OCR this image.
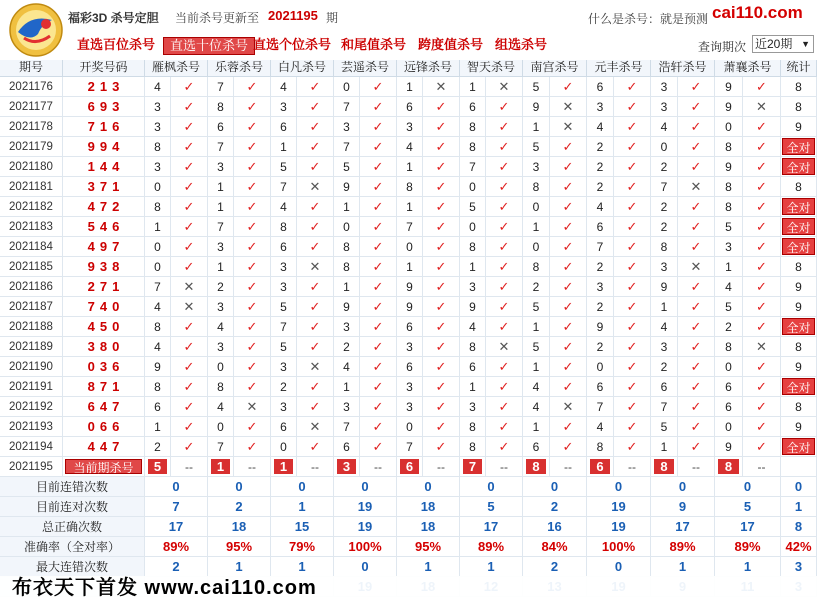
期号	开奖号码	雁枫杀号	乐蓉杀号	白凡杀号	芸遥杀号	远锋杀号	智天杀号	南宫杀号	元丰杀号	浩轩杀号	萧襄杀号	统计
2021176	213	4	✓	7	✓	4	✓	0	✓	1	✕	1	✕	5	✓	6	✓	3	✓	9	✓	8
2021177	693	3	✓	8	✓	3	✓	7	✓	6	✓	6	✓	9	✕	3	✓	3	✓	9	✕	8
2021178	716	3	✓	6	✓	6	✓	3	✓	3	✓	8	✓	1	✕	4	✓	4	✓	0	✓	9
2021179	994	8	✓	7	✓	1	✓	7	✓	4	✓	8	✓	5	✓	2	✓	0	✓	8	✓	全对
2021180	144	3	✓	3	✓	5	✓	5	✓	1	✓	7	✓	3	✓	2	✓	2	✓	9	✓	全对
2021181	371	0	✓	1	✓	7	✕	9	✓	8	✓	0	✓	8	✓	2	✓	7	✕	8	✓	8
2021182	472	8	✓	1	✓	4	✓	1	✓	1	✓	5	✓	0	✓	4	✓	2	✓	8	✓	全对
2021183	546	1	✓	7	✓	8	✓	0	✓	7	✓	0	✓	1	✓	6	✓	2	✓	5	✓	全对
2021184	497	0	✓	3	✓	6	✓	8	✓	0	✓	8	✓	0	✓	7	✓	8	✓	3	✓	全对
2021185	938	0	✓	1	✓	3	✕	8	✓	1	✓	1	✓	8	✓	2	✓	3	✕	1	✓	8
2021186	271	7	✕	2	✓	3	✓	1	✓	9	✓	3	✓	2	✓	3	✓	9	✓	4	✓	9
2021187	740	4	✕	3	✓	5	✓	9	✓	9	✓	9	✓	5	✓	2	✓	1	✓	5	✓	9
2021188	450	8	✓	4	✓	7	✓	3	✓	6	✓	4	✓	1	✓	9	✓	4	✓	2	✓	全对
2021189	380	4	✓	3	✓	5	✓	2	✓	3	✓	8	✕	5	✓	2	✓	3	✓	8	✕	8
2021190	036	9	✓	0	✓	3	✕	4	✓	6	✓	6	✓	1	✓	0	✓	2	✓	0	✓	9
2021191	871	8	✓	8	✓	2	✓	1	✓	3	✓	1	✓	4	✓	6	✓	6	✓	6	✓	全对
2021192	647	6	✓	4	✕	3	✓	3	✓	3	✓	3	✓	4	✕	7	✓	7	✓	6	✓	8
2021193	066	1	✓	0	✓	6	✕	7	✓	0	✓	8	✓	1	✓	4	✓	5	✓	0	✓	9
2021194	447	2	✓	7	✓	0	✓	6	✓	7	✓	8	✓	6	✓	8	✓	1	✓	9	✓	全对
2021195	当前期杀号	5	--	1	--	1	--	3	--	6	--	7	--	8	--	6	--	8	--	8	--
目前连错次数	0	0	0	0	0	0	0	0	0	0	0
目前连对次数	7	2	1	19	18	5	2	19	9	5	1
总正确次数	17	18	15	19	18	17	16	19	17	17	8
准确率（全对率）	89%	95%	79%	100%	95%	89%	84%	100%	89%	89%	42%
最大连错次数	2	1	1	0	1	1	2	0	1	1	3
福彩3D 杀号定胆 当前杀号更新至 2021195 期	什么是杀号：就是预测 cai110.com
直选百位杀号	直选十位杀号 直选个位杀号 和尾值杀号 跨度值杀号 组选杀号	查询期次 近20期 ▼
布衣天下首发 www.cai110.com
